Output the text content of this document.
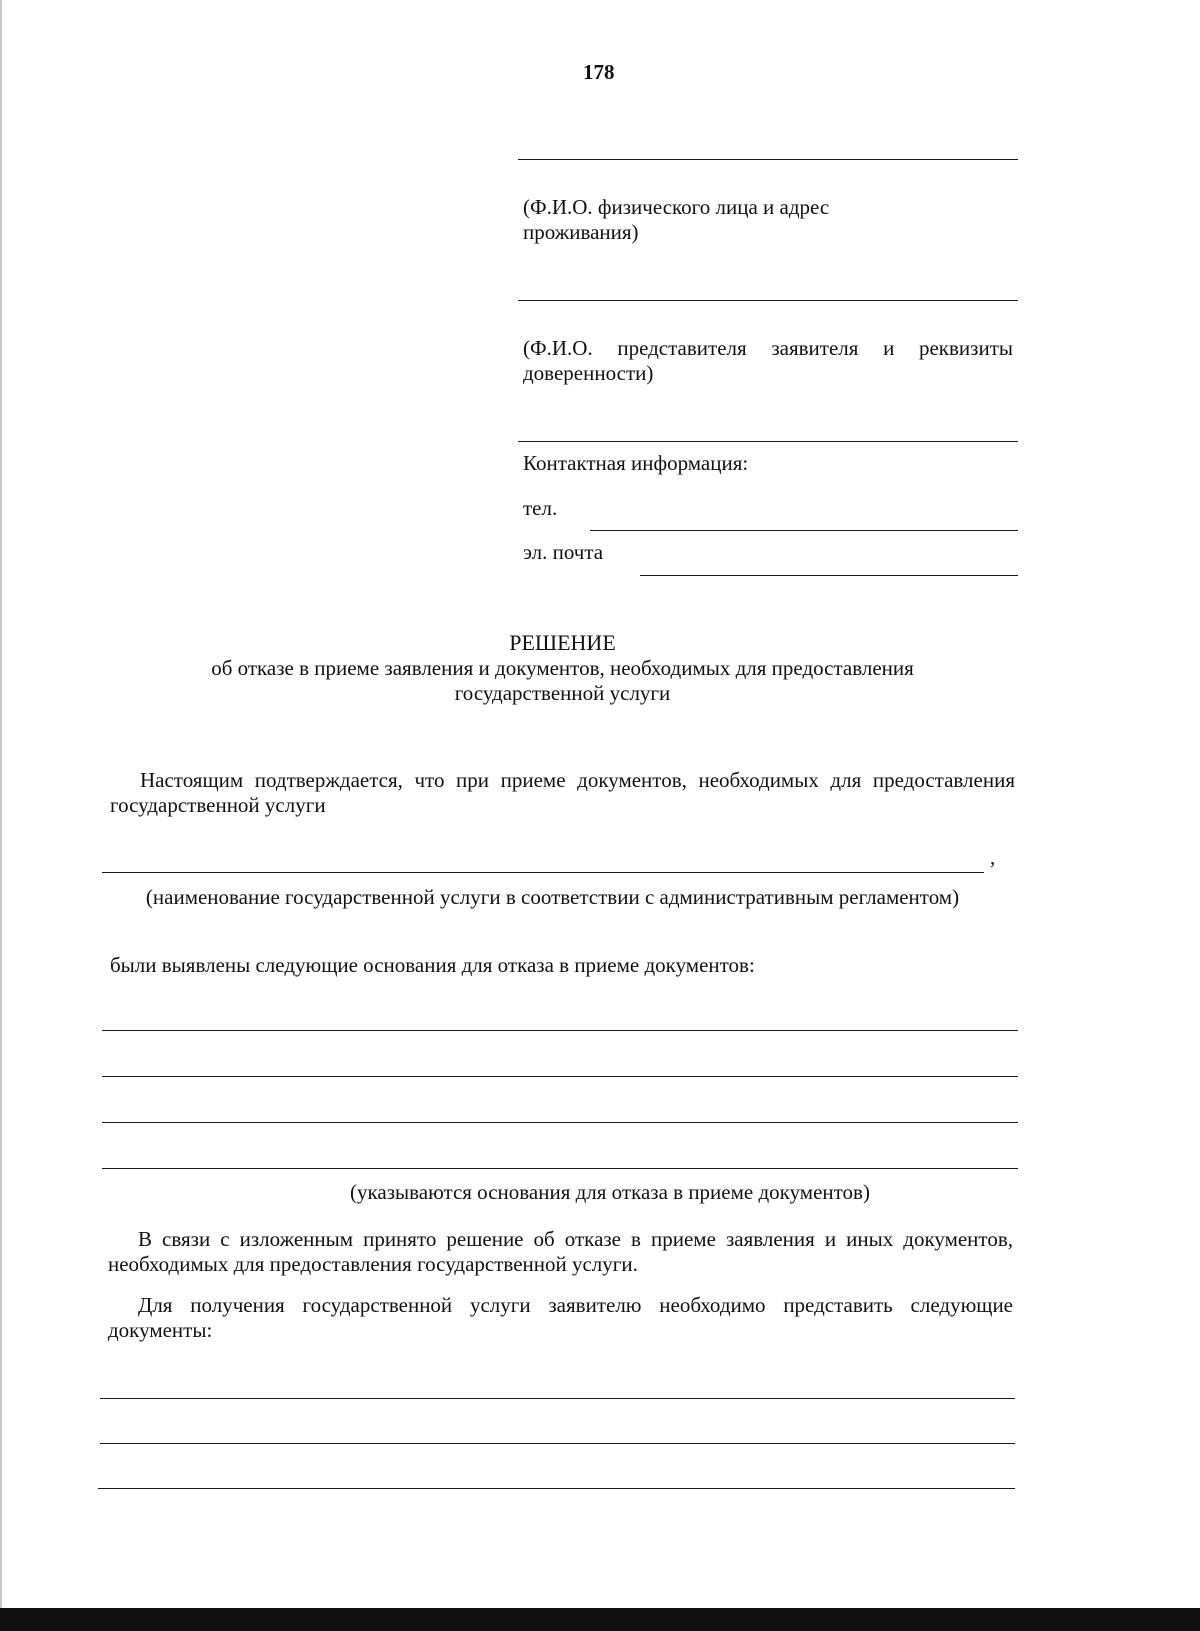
178
(Ф.И.О. физического лица и адрес проживания)
(Ф.И.О. представителя заявителя и реквизиты доверенности)
Контактная информация:
тел.
эл. почта
РЕШЕНИЕ
об отказе в приеме заявления и документов, необходимых для предоставления государственной услуги
Настоящим подтверждается, что при приеме документов, необходимых для предоставления государственной услуги
,
(наименование государственной услуги в соответствии с административным регламентом)
были выявлены следующие основания для отказа в приеме документов:
(указываются основания для отказа в приеме документов)
В связи с изложенным принято решение об отказе в приеме заявления и иных документов, необходимых для предоставления государственной услуги.
Для получения государственной услуги заявителю необходимо представить следующие документы:
